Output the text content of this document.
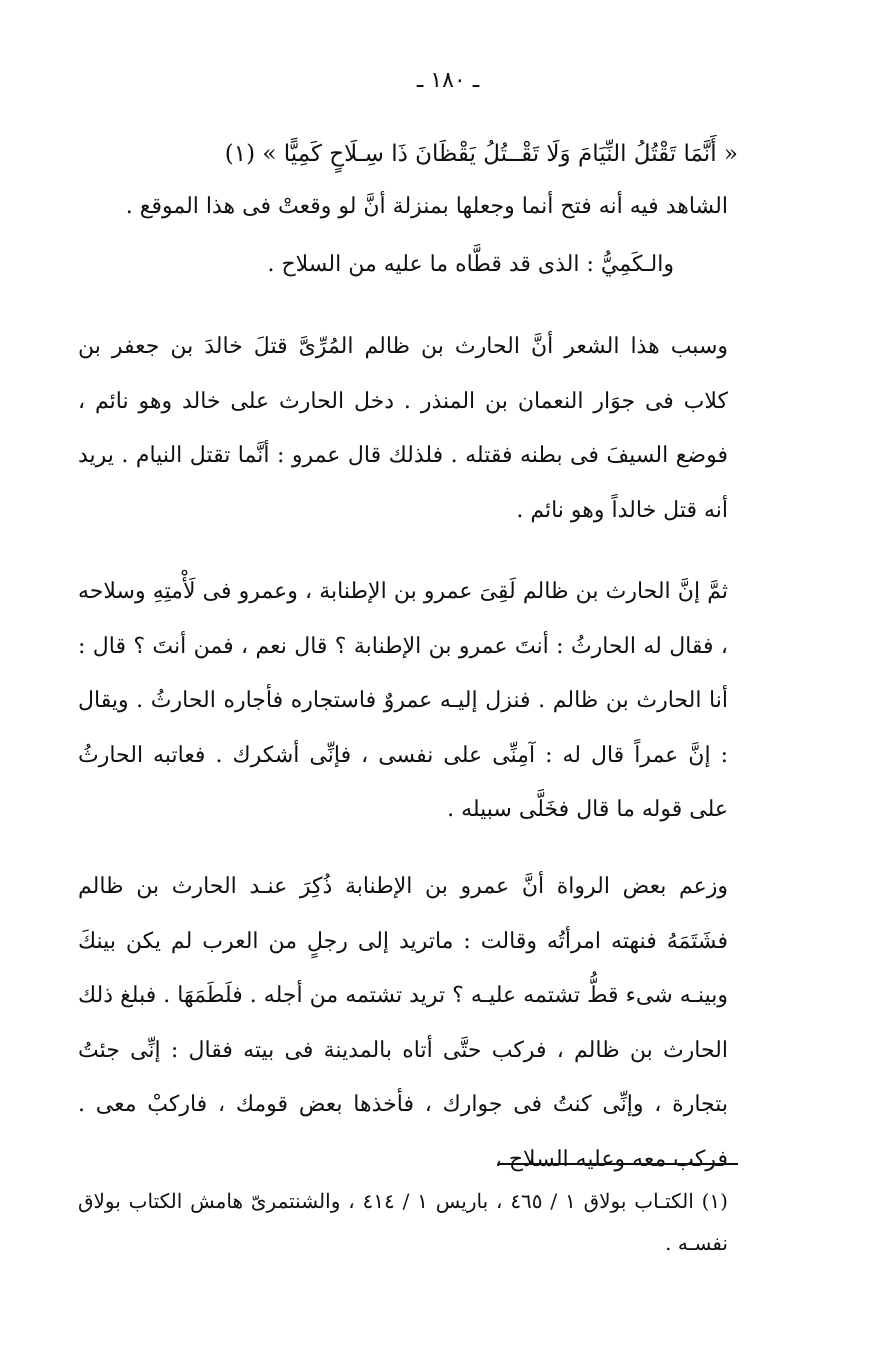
ـ ١٨٠ ـ
« أَنَّمَا تَقْتُلُ النِّيَامَ وَلَا تَقْــتُلُ يَقْظَانَ ذَا سِـلَاحٍ كَمِيًّا » (١)
الشاهد فيه أنه فتح أنما وجعلها بمنزلة أنَّ لو وقعتْ فى هذا الموقع .
والـكَمِيُّ : الذى قد قطَّاه ما عليه من السلاح .
وسبب هذا الشعر أنَّ الحارث بن ظالم المُرِّىَّ قتلَ خالدَ بن جعفر بن كلاب فى جوَار النعمان بن المنذر . دخل الحارث على خالد وهو نائم ، فوضع السيفَ فى بطنه فقتله . فلذلك قال عمرو : أنَّما تقتل النيام . يريد أنه قتل خالداً وهو نائم .
ثمَّ إنَّ الحارث بن ظالم لَقِىَ عمرو بن الإطنابة ، وعمرو فى لَأْمتِهِ وسلاحه ، فقال له الحارثُ : أنتَ عمرو بن الإطنابة ؟ قال نعم ، فمن أنتَ ؟ قال : أنا الحارث بن ظالم . فنزل إليـه عمروٌ فاستجاره فأجاره الحارثُ . ويقال : إنَّ عمراً قال له : آمِنِّى على نفسى ، فإنِّى أشكرك . فعاتبه الحارثُ على قوله ما قال فخَلَّى سبيله .
وزعم بعض الرواة أنَّ عمرو بن الإطنابة ذُكِرَ عنـد الحارث بن ظالم فشَتَمَهُ فنهته امرأتُه وقالت : ماتريد إلى رجلٍ من العرب لم يكن بينكَ وبينـه شىء قطُّ تشتمه عليـه ؟ تريد تشتمه من أجله . فلَطَمَهَا . فبلغ ذلك الحارث بن ظالم ، فركب حتَّى أتاه بالمدينة فى بيته فقال : إنِّى جئتُ بتجارة ، وإنِّى كنتُ فى جوارك ، فأخذها بعض قومك ، فاركبْ معى . فركب معه وعليه السلاح ،
(١) الكتـاب بولاق ١ / ٤٦٥ ، باريس ١ / ٤١٤ ، والشنتمرىّ هامش الكتاب بولاق نفسـه .
